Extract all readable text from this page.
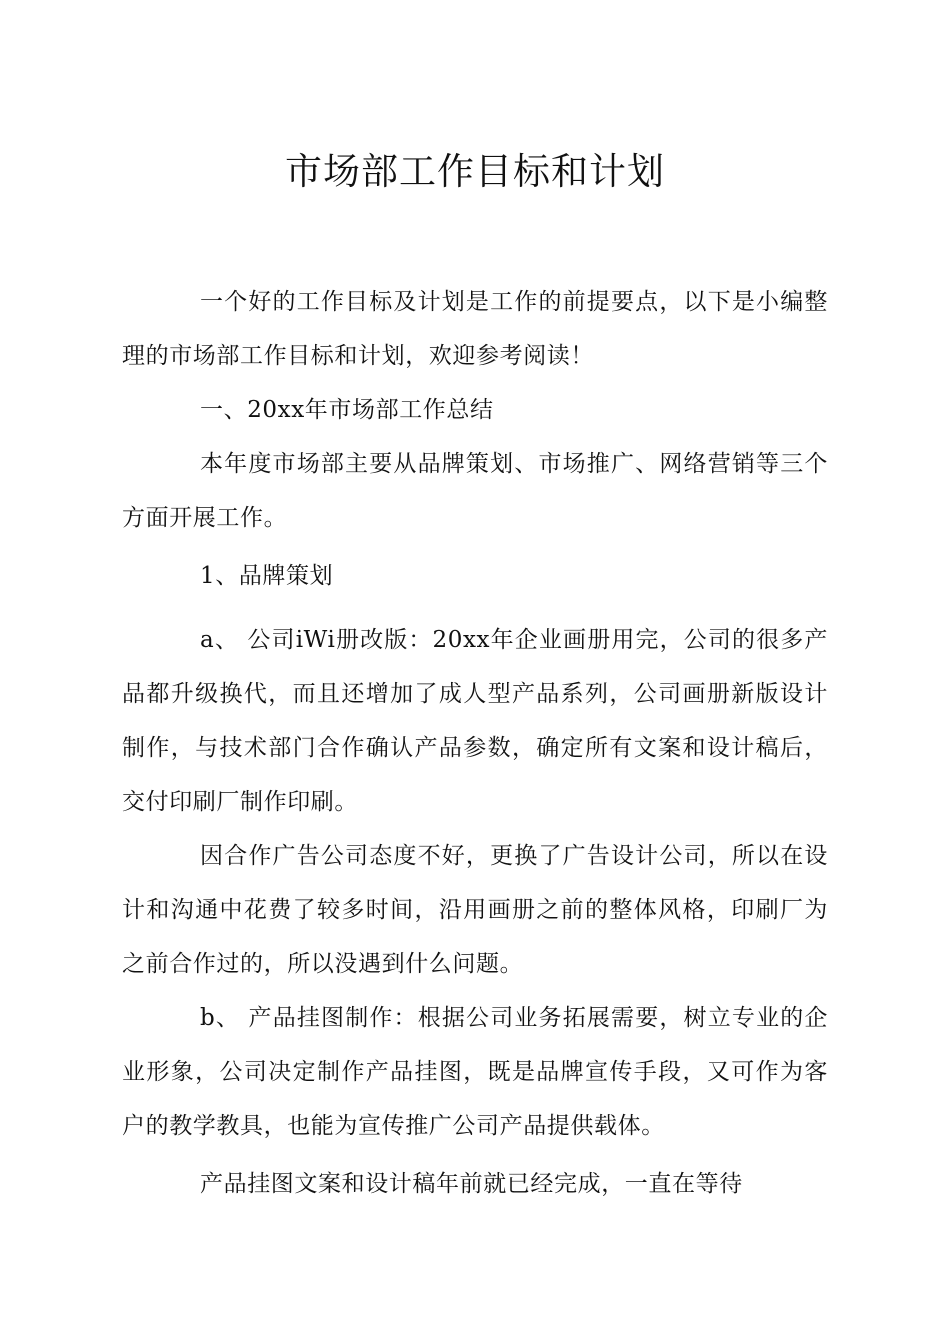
市场部工作目标和计划

一个好的工作目标及计划是工作的前提要点，以下是小编整理的市场部工作目标和计划，欢迎参考阅读！

一、20xx年市场部工作总结

本年度市场部主要从品牌策划、市场推广、网络营销等三个方面开展工作。

1、品牌策划

a、 公司iWi册改版：20xx年企业画册用完，公司的很多产品都升级换代，而且还增加了成人型产品系列，公司画册新版设计制作，与技术部门合作确认产品参数，确定所有文案和设计稿后，交付印刷厂制作印刷。

因合作广告公司态度不好，更换了广告设计公司，所以在设计和沟通中花费了较多时间，沿用画册之前的整体风格，印刷厂为之前合作过的，所以没遇到什么问题。

b、 产品挂图制作：根据公司业务拓展需要，树立专业的企业形象，公司决定制作产品挂图，既是品牌宣传手段，又可作为客户的教学教具，也能为宣传推广公司产品提供载体。

产品挂图文案和设计稿年前就已经完成，一直在等待
